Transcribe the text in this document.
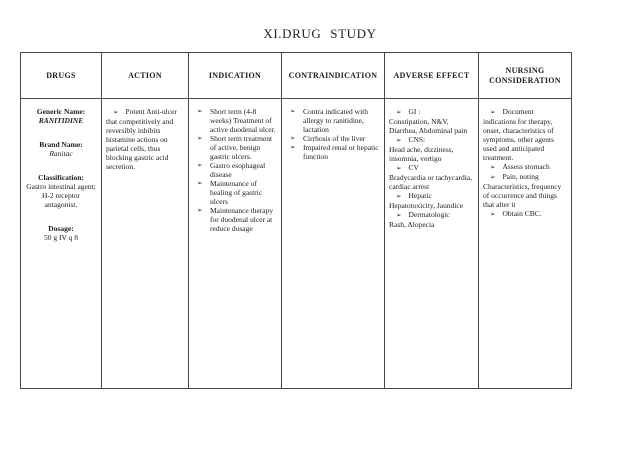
XI.DRUG STUDY
DRUGS	ACTION	INDICATION	CONTRAINDICATION	ADVERSE EFFECT	NURSING CONSIDERATION

Generic Name:
RANITIDINE
Brand Name:
Ranitac
Classification:
Gastro intestinal agent; H-2 receptor antagonist.
Dosage:
50 g IV q 8

➢ Potent Anti-ulcer that competitively and reversibly inhibits histamine actions on parietal cells, thus blocking gastric acid secretion.

➢	Short term (4-8 weeks) Treatment of active duodenal ulcer.
➢	Short term treatment of active, benign gastric ulcers.
➢	Gastro esophageal disease
➢	Maintenance of healing of gastric ulcers
➢	Maintenance therapy for duodenal ulcer at reduce dosage

➢	Contra indicated with allergy to ranitidine, lactation
➢	Cirrhosis of the liver
➢	Impaired renal or hepatic function

➢ GI :
Constipation, N&V, Diarrhea, Abdominal pain
➢ CNS:
Head ache, dizziness, insomnia, vertigo
➢ CV
Bradycardia or tachycardia, cardiac arrest
➢ Hepatic
Hepatotoxicity, Jaundice
➢ Dermatologic
Rash, Alopecia

➢ Document indications for therapy, onset, characteristics of symptoms, other agents used and anticipated treatment.
➢ Assess stomach
➢ Pain, noting Characteristics, frequency of occurrence and things that alter it
➢ Obtain CBC.
